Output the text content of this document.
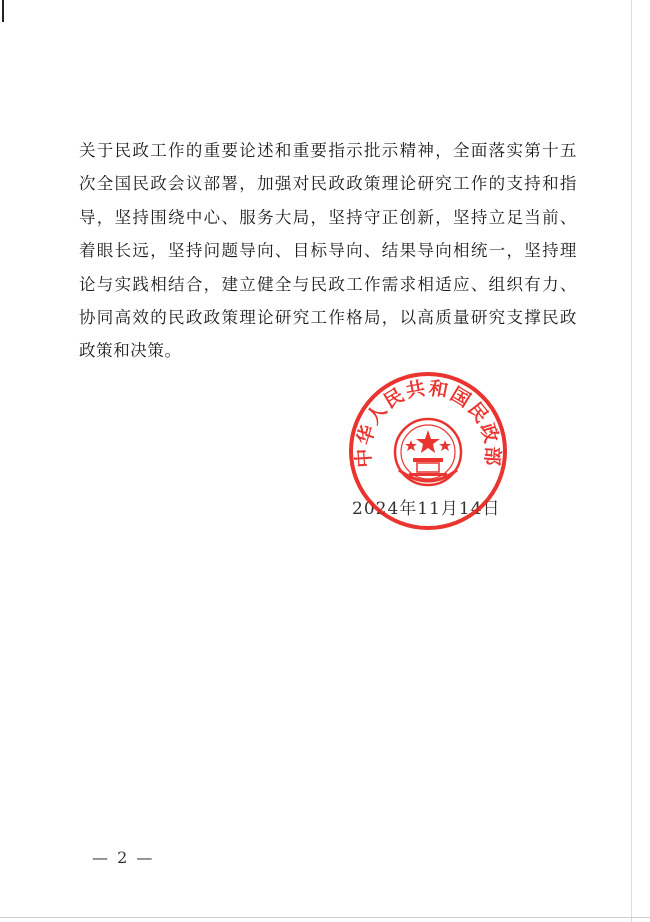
关于民政工作的重要论述和重要指示批示精神，全面落实第十五
次全国民政会议部署，加强对民政政策理论研究工作的支持和指
导，坚持围绕中心、服务大局，坚持守正创新，坚持立足当前、
着眼长远，坚持问题导向、目标导向、结果导向相统一，坚持理
论与实践相结合，建立健全与民政工作需求相适应、组织有力、
协同高效的民政政策理论研究工作格局，以高质量研究支撑民政
政策和决策。
2024年11月14日
中华人民共和国民政部
— 2 —
